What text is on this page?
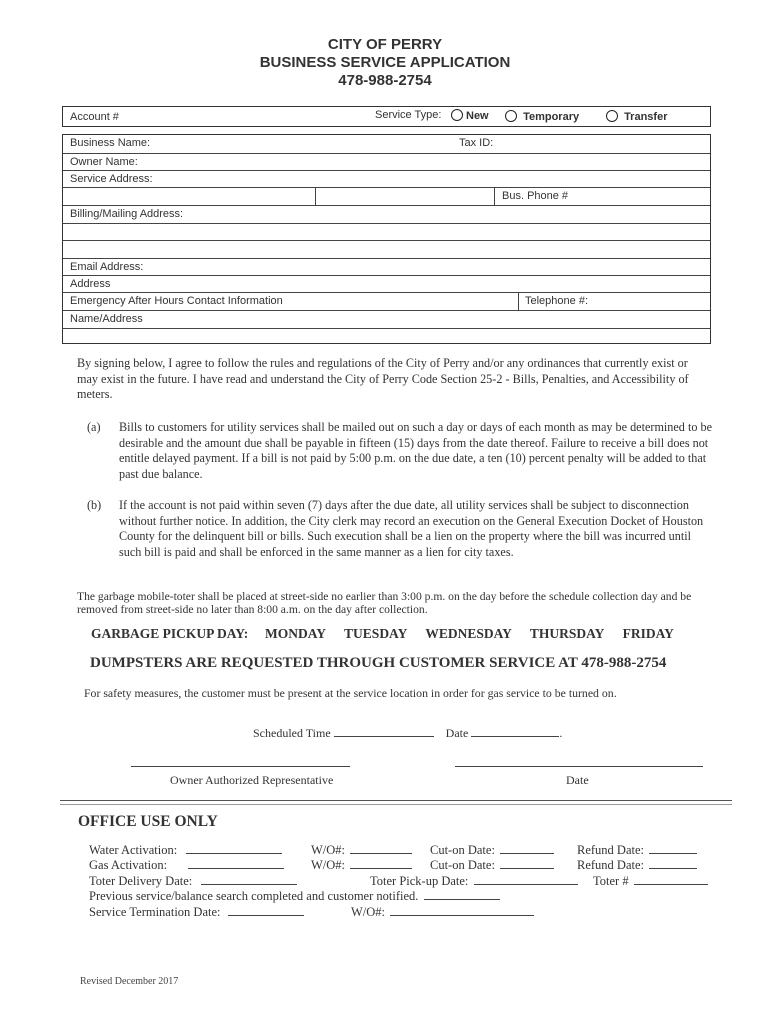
CITY OF PERRY
BUSINESS SERVICE APPLICATION
478-988-2754
Account #	Service Type:	New	Temporary	Transfer
Business Name:	Tax ID:
Owner Name:
Service Address:
Bus. Phone #
Billing/Mailing Address:
Email Address:
Address
Emergency After Hours Contact Information	Telephone #:
Name/Address
By signing below, I agree to follow the rules and regulations of the City of Perry and/or any ordinances that currently exist or may exist in the future. I have read and understand the City of Perry Code Section 25-2 - Bills, Penalties, and Accessibility of meters.
(a) Bills to customers for utility services shall be mailed out on such a day or days of each month as may be determined to be desirable and the amount due shall be payable in fifteen (15) days from the date thereof. Failure to receive a bill does not entitle delayed payment. If a bill is not paid by 5:00 p.m. on the due date, a ten (10) percent penalty will be added to that past due balance.
(b) If the account is not paid within seven (7) days after the due date, all utility services shall be subject to disconnection without further notice. In addition, the City clerk may record an execution on the General Execution Docket of Houston County for the delinquent bill or bills. Such execution shall be a lien on the property where the bill was incurred until such bill is paid and shall be enforced in the same manner as a lien for city taxes.
The garbage mobile-toter shall be placed at street-side no earlier than 3:00 p.m. on the day before the schedule collection day and be removed from street-side no later than 8:00 a.m. on the day after collection.
GARBAGE PICKUP DAY: MONDAY TUESDAY WEDNESDAY THURSDAY FRIDAY
DUMPSTERS ARE REQUESTED THROUGH CUSTOMER SERVICE AT 478-988-2754
For safety measures, the customer must be present at the service location in order for gas service to be turned on.
Scheduled Time	Date	.
Owner Authorized Representative	Date
OFFICE USE ONLY
Water Activation:	W/O#:	Cut-on Date:	Refund Date:
Gas Activation:	W/O#:	Cut-on Date:	Refund Date:
Toter Delivery Date:	Toter Pick-up Date:	Toter #
Previous service/balance search completed and customer notified.
Service Termination Date:	W/O#:
Revised December 2017
